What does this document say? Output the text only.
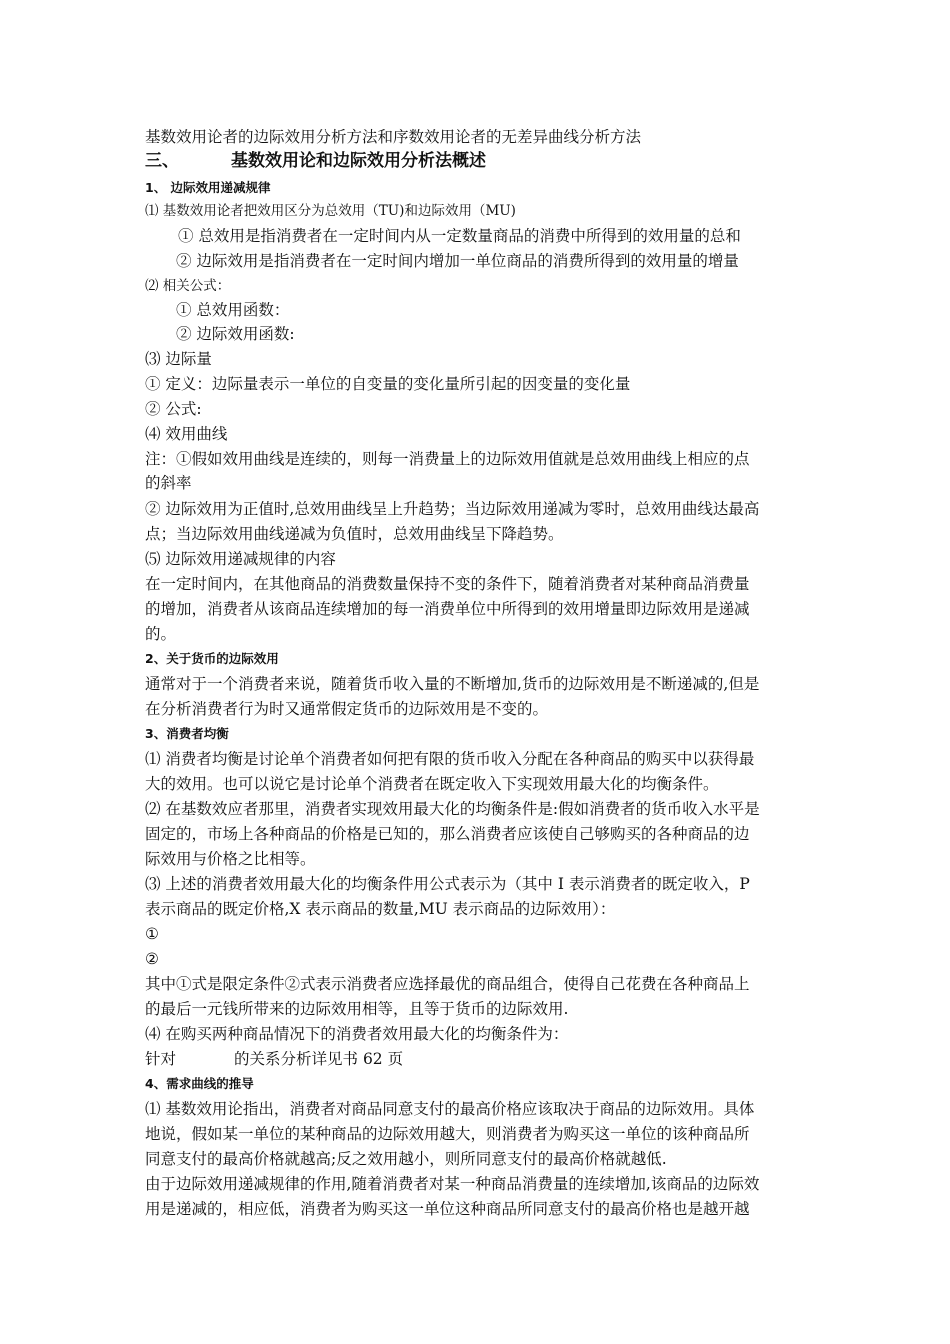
基数效用论者的边际效用分析方法和序数效用论者的无差异曲线分析方法
三、	基数效用论和边际效用分析法概述
1、 边际效用递减规律
⑴ 基数效用论者把效用区分为总效用（TU)和边际效用（MU)
① 总效用是指消费者在一定时间内从一定数量商品的消费中所得到的效用量的总和
② 边际效用是指消费者在一定时间内增加一单位商品的消费所得到的效用量的增量
⑵ 相关公式：
① 总效用函数：
② 边际效用函数:
⑶ 边际量
① 定义：边际量表示一单位的自变量的变化量所引起的因变量的变化量
② 公式:
⑷ 效用曲线
注：①假如效用曲线是连续的，则每一消费量上的边际效用值就是总效用曲线上相应的点
的斜率
② 边际效用为正值时,总效用曲线呈上升趋势；当边际效用递减为零时，总效用曲线达最高
点；当边际效用曲线递减为负值时，总效用曲线呈下降趋势。
⑸ 边际效用递减规律的内容
在一定时间内，在其他商品的消费数量保持不变的条件下，随着消费者对某种商品消费量
的增加，消费者从该商品连续增加的每一消费单位中所得到的效用增量即边际效用是递减
的。
2、关于货币的边际效用
通常对于一个消费者来说，随着货币收入量的不断增加,货币的边际效用是不断递减的,但是
在分析消费者行为时又通常假定货币的边际效用是不变的。
3、消费者均衡
⑴ 消费者均衡是讨论单个消费者如何把有限的货币收入分配在各种商品的购买中以获得最
大的效用。也可以说它是讨论单个消费者在既定收入下实现效用最大化的均衡条件。
⑵ 在基数效应者那里，消费者实现效用最大化的均衡条件是:假如消费者的货币收入水平是
固定的，市场上各种商品的价格是已知的，那么消费者应该使自己够购买的各种商品的边
际效用与价格之比相等。
⑶ 上述的消费者效用最大化的均衡条件用公式表示为（其中 I 表示消费者的既定收入，P
表示商品的既定价格,X 表示商品的数量,MU 表示商品的边际效用）：
①
②
其中①式是限定条件②式表示消费者应选择最优的商品组合，使得自己花费在各种商品上
的最后一元钱所带来的边际效用相等，且等于货币的边际效用.
⑷ 在购买两种商品情况下的消费者效用最大化的均衡条件为：
针对	的关系分析详见书 62 页
4、需求曲线的推导
⑴ 基数效用论指出，消费者对商品同意支付的最高价格应该取决于商品的边际效用。具体
地说，假如某一单位的某种商品的边际效用越大，则消费者为购买这一单位的该种商品所
同意支付的最高价格就越高;反之效用越小，则所同意支付的最高价格就越低.
由于边际效用递减规律的作用,随着消费者对某一种商品消费量的连续增加,该商品的边际效
用是递减的，相应低，消费者为购买这一单位这种商品所同意支付的最高价格也是越开越
